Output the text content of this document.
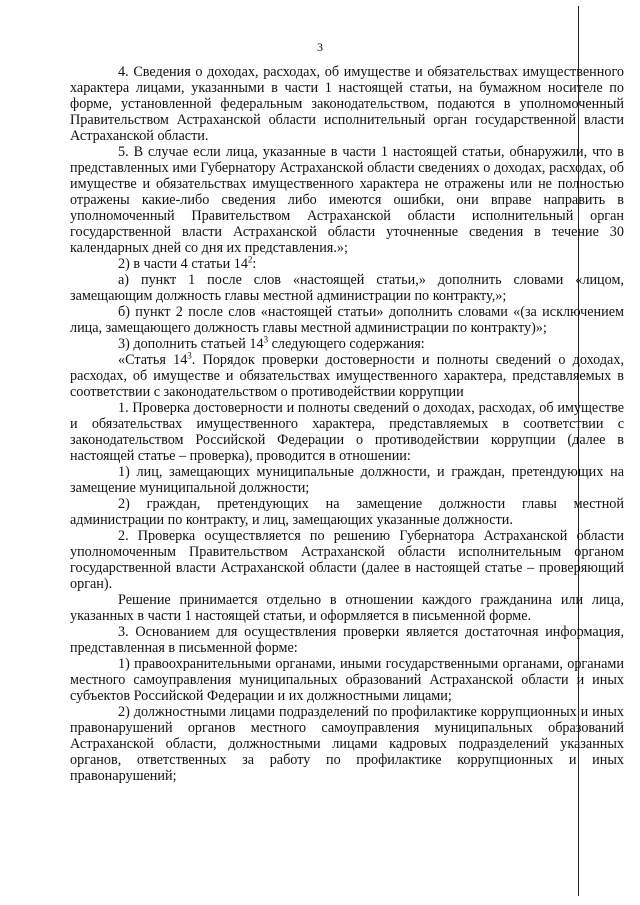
3

4. Сведения о доходах, расходах, об имуществе и обязательствах имущественного характера лицами, указанными в части 1 настоящей статьи, на бумажном носителе по форме, установленной федеральным законодательством, подаются в уполномоченный Правительством Астраханской области исполнительный орган государственной власти Астраханской области.

5. В случае если лица, указанные в части 1 настоящей статьи, обнаружили, что в представленных ими Губернатору Астраханской области сведениях о доходах, расходах, об имуществе и обязательствах имущественного характера не отражены или не полностью отражены какие-либо сведения либо имеются ошибки, они вправе направить в уполномоченный Правительством Астраханской области исполнительный орган государственной власти Астраханской области уточненные сведения в течение 30 календарных дней со дня их представления.»;

2) в части 4 статьи $14^2$:

а) пункт 1 после слов «настоящей статьи,» дополнить словами «лицом, замещающим должность главы местной администрации по контракту,»;

б) пункт 2 после слов «настоящей статьи» дополнить словами «(за исключением лица, замещающего должность главы местной администрации по контракту)»;

3) дополнить статьей $14^3$ следующего содержания:

«Статья $14^3$. Порядок проверки достоверности и полноты сведений о доходах, расходах, об имуществе и обязательствах имущественного характера, представляемых в соответствии с законодательством о противодействии коррупции

1. Проверка достоверности и полноты сведений о доходах, расходах, об имуществе и обязательствах имущественного характера, представляемых в соответствии с законодательством Российской Федерации о противодействии коррупции (далее в настоящей статье – проверка), проводится в отношении:

1) лиц, замещающих муниципальные должности, и граждан, претендующих на замещение муниципальной должности;

2) граждан, претендующих на замещение должности главы местной администрации по контракту, и лиц, замещающих указанные должности.

2. Проверка осуществляется по решению Губернатора Астраханской области уполномоченным Правительством Астраханской области исполнительным органом государственной власти Астраханской области (далее в настоящей статье – проверяющий орган).

Решение принимается отдельно в отношении каждого гражданина или лица, указанных в части 1 настоящей статьи, и оформляется в письменной форме.

3. Основанием для осуществления проверки является достаточная информация, представленная в письменной форме:

1) правоохранительными органами, иными государственными органами, органами местного самоуправления муниципальных образований Астраханской области и иных субъектов Российской Федерации и их должностными лицами;

2) должностными лицами подразделений по профилактике коррупционных и иных правонарушений органов местного самоуправления муниципальных образований Астраханской области, должностными лицами кадровых подразделений указанных органов, ответственных за работу по профилактике коррупционных и иных правонарушений;
